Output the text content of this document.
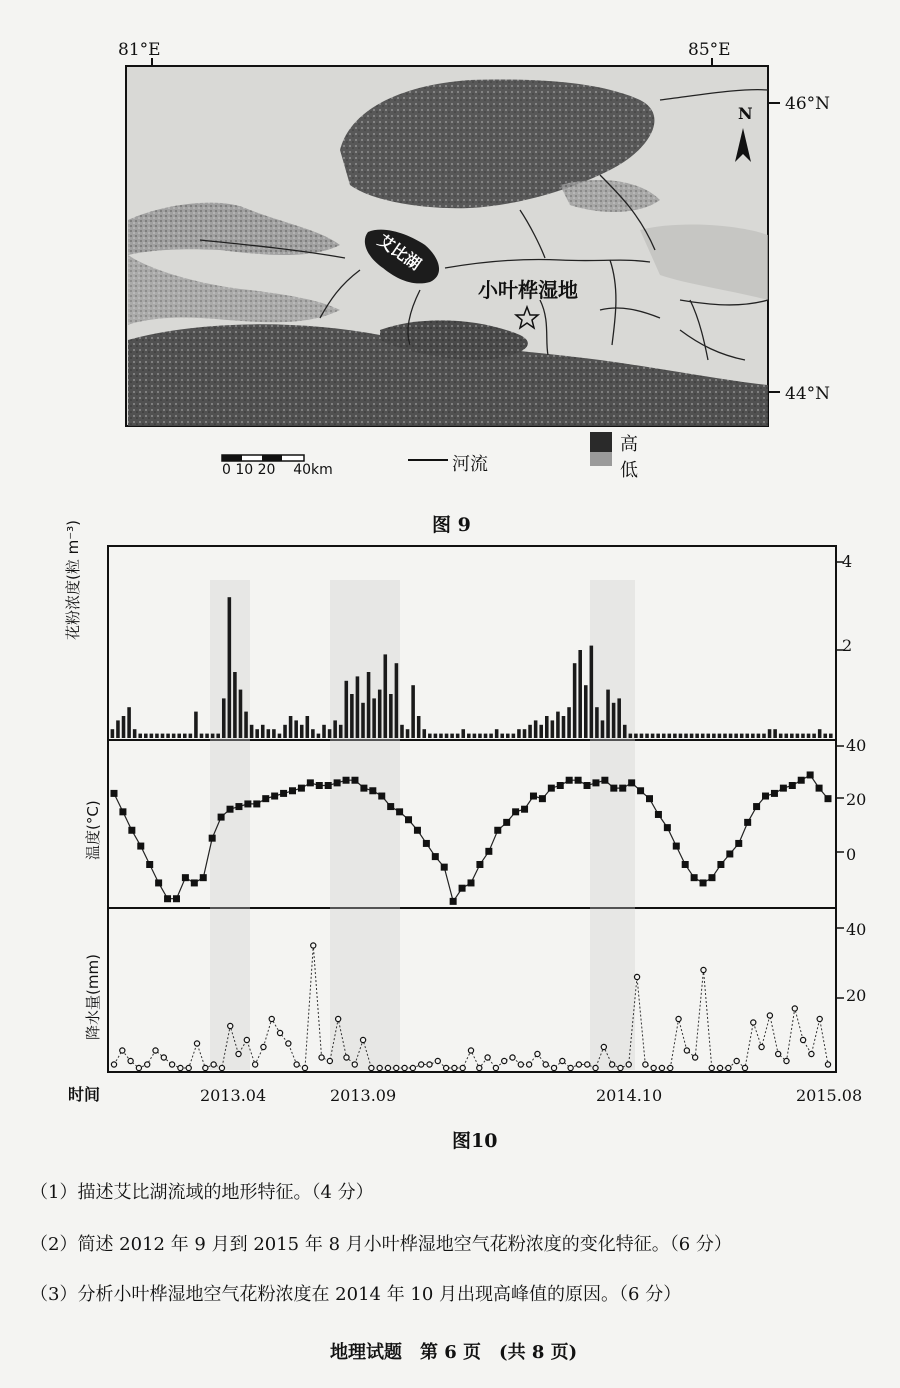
81°E	85°E
46°N
44°N
艾比湖
小叶桦湿地
N
0 10 20    40km	河流
高
低
图 9
花粉浓度(粒 m⁻³)
温度(°C)
降水量(mm)
4
2
40
20
0
40
20
时间	2013.04	2013.09	2014.10	2015.08
图10
（1）描述艾比湖流域的地形特征。（4 分）
（2）简述 2012 年 9 月到 2015 年 8 月小叶桦湿地空气花粉浓度的变化特征。（6 分）
（3）分析小叶桦湿地空气花粉浓度在 2014 年 10 月出现高峰值的原因。（6 分）
地理试题　第 6 页　(共 8 页)
